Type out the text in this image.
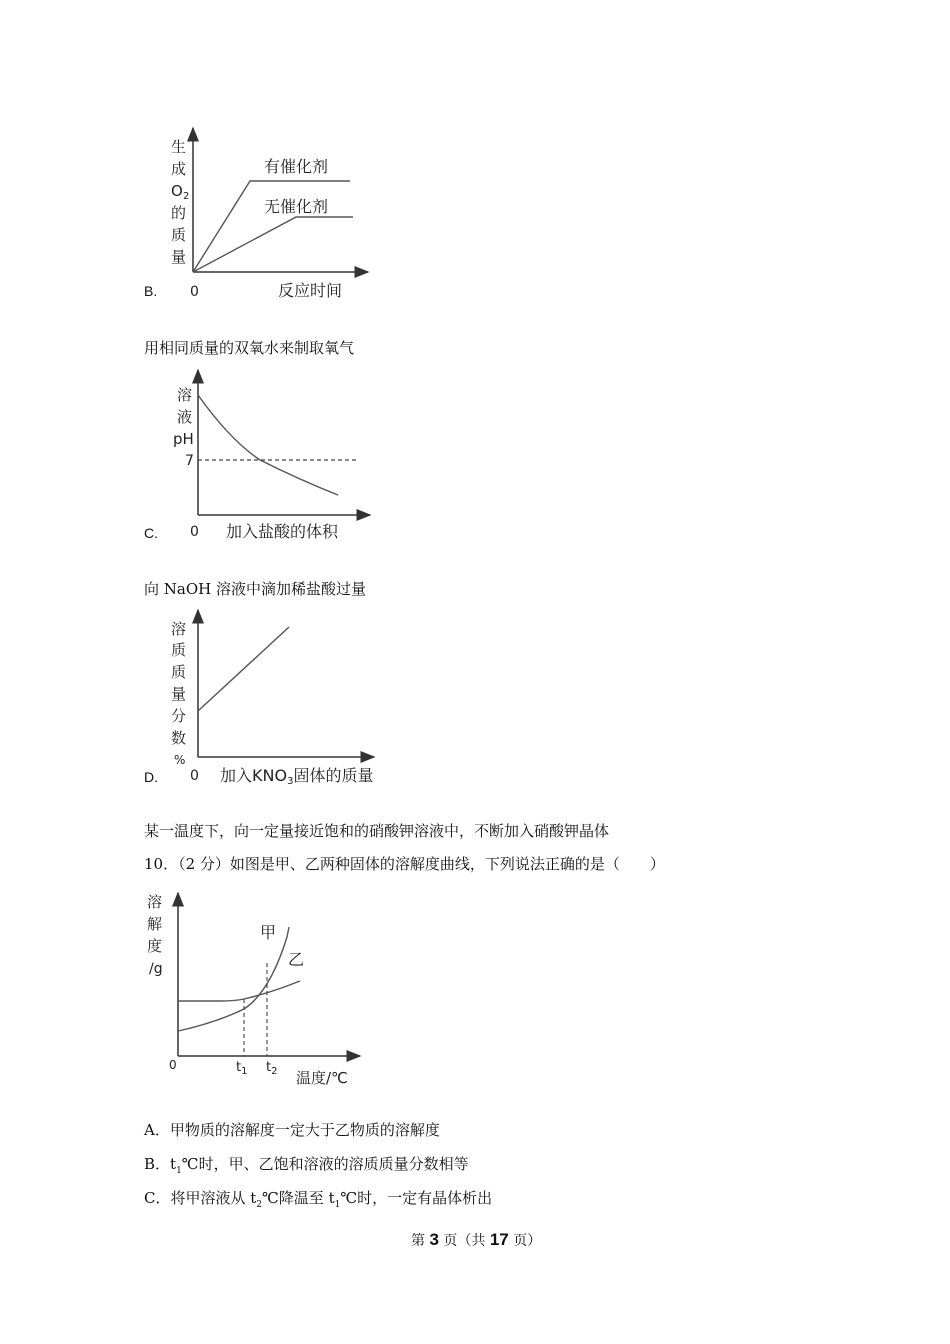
B.
生
成
O 2
的
质
量
0	反应时间
有催化剂
无催化剂
用相同质量的双氧水来制取氧气
C.
溶
液
pH
7
0 加入盐酸的体积
向 NaOH 溶液中滴加稀盐酸过量
D.
溶
质
质
量
分
数
%
0 加入KNO3固体的质量
某一温度下，向一定量接近饱和的硝酸钾溶液中，不断加入硝酸钾晶体
10．（2 分）如图是甲、乙两种固体的溶解度曲线，下列说法正确的是（　　）
溶
解
度
/g
0	$t_1$ $t_2$ 温度/℃
甲
乙
A．甲物质的溶解度一定大于乙物质的溶解度
B．$t_1℃$时，甲、乙饱和溶液的溶质质量分数相等
C．将甲溶液从 $t_2℃$降温至 $t_1℃$时，一定有晶体析出
第 3 页（共 17 页）
